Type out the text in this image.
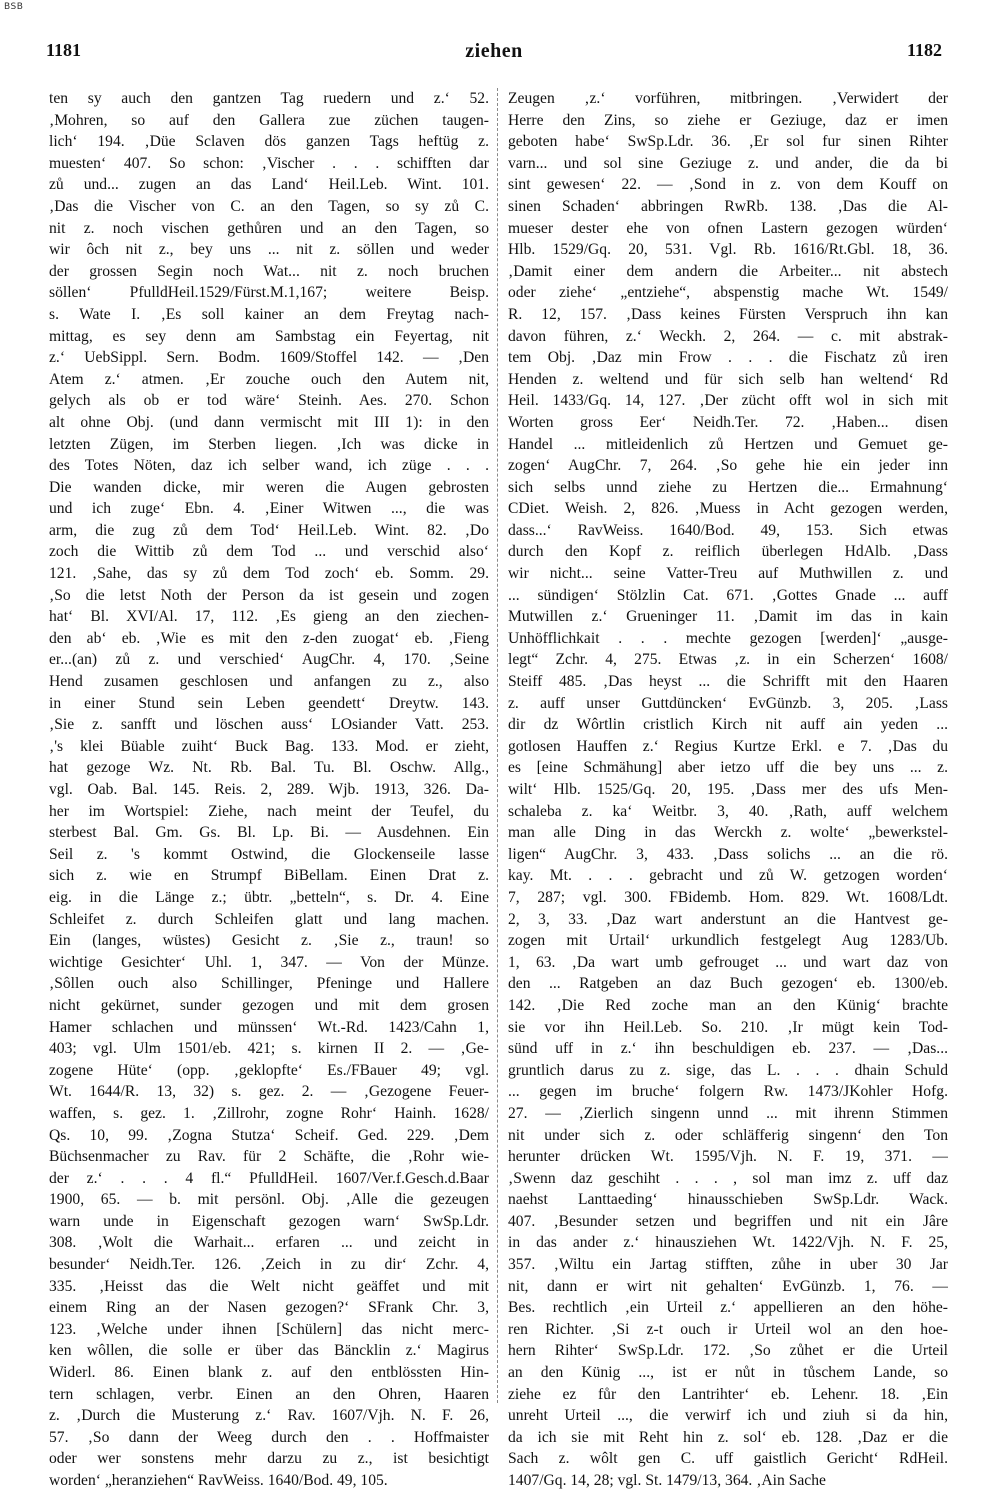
BSB
1181	ziehen	1182
ten sy auch den gantzen Tag ruedern und z.‘ 52.
‚Mohren, so auf den Gallera zue züchen taugen-
lich‘ 194. ‚Düe Sclaven dös ganzen Tags heftüg z.
muesten‘ 407. So schon: ‚Vischer . . . schifften dar
zů und... zugen an das Land‘ Heil.Leb. Wint. 101.
‚Das die Vischer von C. an den Tagen, so sy zů C.
nit z. noch vischen gethůren und an den Tagen, so
wir ôch nit z., bey uns ... nit z. söllen und weder
der grossen Segin noch Wat... nit z. noch bruchen
söllen‘ PfulldHeil.1529/Fürst.M.1,167; weitere Beisp.
s. Wate I. ‚Es soll kainer an dem Freytag nach-
mittag, es sey denn am Sambstag ein Feyertag, nit
z.‘ UebSippl. Sern. Bodm. 1609/Stoffel 142. — ‚Den
Atem z.‘ atmen. ‚Er zouche ouch den Autem nit,
gelych als ob er tod wäre‘ Steinh. Aes. 270. Schon
alt ohne Obj. (und dann vermischt mit III 1): in den
letzten Zügen, im Sterben liegen. ‚Ich was dicke in
des Totes Nöten, daz ich selber wand, ich züge . . .
Die wanden dicke, mir weren die Augen gebrosten
und ich zuge‘ Ebn. 4. ‚Einer Witwen ..., die was
arm, die zug zů dem Tod‘ Heil.Leb. Wint. 82. ‚Do
zoch die Wittib zů dem Tod ... und verschid also‘
121. ‚Sahe, das sy zů dem Tod zoch‘ eb. Somm. 29.
‚So die letst Noth der Person da ist gesein und zogen
hat‘ Bl. XVI/Al. 17, 112. ‚Es gieng an den ziechen-
den ab‘ eb. ‚Wie es mit den z-den zuogat‘ eb. ‚Fieng
er...(an) zů z. und verschied‘ AugChr. 4, 170. ‚Seine
Hend zusamen geschlosen und anfangen zu z., also
in einer Stund sein Leben geendett‘ Dreytw. 143.
‚Sie z. sanfft und löschen auss‘ LOsiander Vatt. 253.
‚'s klei Büable zuiht‘ Buck Bag. 133. Mod. er zieht,
hat gezoge Wz. Nt. Rb. Bal. Tu. Bl. Oschw. Allg.,
vgl. Oab. Bal. 145. Reis. 2, 289. Wjb. 1913, 326. Da-
her im Wortspiel: Ziehe, nach meint der Teufel, du
sterbest Bal. Gm. Gs. Bl. Lp. Bi. — Ausdehnen. Ein
Seil z. 's kommt Ostwind, die Glockenseile lasse
sich z. wie en Strumpf BiBellam. Einen Drat z.
eig. in die Länge z.; übtr. „betteln“, s. Dr. 4. Eine
Schleifet z. durch Schleifen glatt und lang machen.
Ein (langes, wüstes) Gesicht z. ‚Sie z., traun! so
wichtige Gesichter‘ Uhl. 1, 347. — Von der Münze.
‚Sôllen ouch also Schillinger, Pfeninge und Hallere
nicht gekürnet, sunder gezogen und mit dem grosen
Hamer schlachen und münssen‘ Wt.-Rd. 1423/Cahn 1,
403; vgl. Ulm 1501/eb. 421; s. kirnen II 2. — ‚Ge-
zogene Hüte‘ (opp. ‚geklopfte‘ Es./FBauer 49; vgl.
Wt. 1644/R. 13, 32) s. gez. 2. — ‚Gezogene Feuer-
waffen, s. gez. 1. ‚Zillrohr, zogne Rohr‘ Hainh. 1628/
Qs. 10, 99. ‚Zogna Stutza‘ Scheif. Ged. 229. ‚Dem
Büchsenmacher zu Rav. für 2 Schäfte, die ‚Rohr wie-
der z.‘ . . . 4 fl.“ PfulldHeil. 1607/Ver.f.Gesch.d.Baar
1900, 65. — b. mit persönl. Obj. ‚Alle die gezeugen
warn unde in Eigenschaft gezogen warn‘ SwSp.Ldr.
308. ‚Wolt die Warhait... erfaren ... und zeicht in
besunder‘ Neidh.Ter. 126. ‚Zeich in zu dir‘ Zchr. 4,
335. ‚Heisst das die Welt nicht geäffet und mit
einem Ring an der Nasen gezogen?‘ SFrank Chr. 3,
123. ‚Welche under ihnen [Schülern] das nicht merc-
ken wôllen, die solle er über das Bäncklin z.‘ Magirus
Widerl. 86. Einen blank z. auf den entblössten Hin-
tern schlagen, verbr. Einen an den Ohren, Haaren
z. ‚Durch die Musterung z.‘ Rav. 1607/Vjh. N. F. 26,
57. ‚So dann der Weeg durch den . . Hoffmaister
oder wer sonstens mehr darzu zu z., ist besichtigt
worden‘ „heranziehen“ RavWeiss. 1640/Bod. 49, 105.
Zeugen ‚z.‘ vorführen, mitbringen. ‚Verwidert der
Herre den Zins, so ziehe er Geziuge, daz er imen
geboten habe‘ SwSp.Ldr. 36. ‚Er sol fur sinen Rihter
varn... und sol sine Geziuge z. und ander, die da bi
sint gewesen‘ 22. — ‚Sond in z. von dem Kouff on
sinen Schaden‘ abbringen RwRb. 138. ‚Das die Al-
mueser dester ehe von ofnen Lastern gezogen würden‘
Hlb. 1529/Gq. 20, 531. Vgl. Rb. 1616/Rt.Gbl. 18, 36.
‚Damit einer dem andern die Arbeiter... nit abstech
oder ziehe‘ „entziehe“, abspenstig mache Wt. 1549/
R. 12, 157. ‚Dass keines Fürsten Verspruch ihn kan
davon führen, z.‘ Weckh. 2, 264. — c. mit abstrak-
tem Obj. ‚Daz min Frow . . . die Fischatz zů iren
Henden z. weltend und für sich selb han weltend‘ Rd
Heil. 1433/Gq. 14, 127. ‚Der zücht offt wol in sich mit
Worten gross Eer‘ Neidh.Ter. 72. ‚Haben... disen
Handel ... mitleidenlich zů Hertzen und Gemuet ge-
zogen‘ AugChr. 7, 264. ‚So gehe hie ein jeder inn
sich selbs unnd ziehe zu Hertzen die... Ermahnung‘
CDiet. Weish. 2, 826. ‚Muess in Acht gezogen werden,
dass...‘ RavWeiss. 1640/Bod. 49, 153. Sich etwas
durch den Kopf z. reiflich überlegen HdAlb. ‚Dass
wir nicht... seine Vatter-Treu auf Muthwillen z. und
... sündigen‘ Stölzlin Cat. 671. ‚Gottes Gnade ... auff
Mutwillen z.‘ Grueninger 11. ‚Damit im das in kain
Unhöfflichkait . . . mechte gezogen [werden]‘ „ausge-
legt“ Zchr. 4, 275. Etwas ‚z. in ein Scherzen‘ 1608/
Steiff 485. ‚Das heyst ... die Schrifft mit den Haaren
z. auff unser Guttdüncken‘ EvGünzb. 3, 205. ‚Lass
dir dz Wôrtlin cristlich Kirch nit auff ain yeden ...
gotlosen Hauffen z.‘ Regius Kurtze Erkl. e 7. ‚Das du
es [eine Schmähung] aber ietzo uff die bey uns ... z.
wilt‘ Hlb. 1525/Gq. 20, 195. ‚Dass mer des ufs Men-
schaleba z. ka‘ Weitbr. 3, 40. ‚Rath, auff welchem
man alle Ding in das Werckh z. wolte‘ „bewerkstel-
ligen“ AugChr. 3, 433. ‚Dass solichs ... an die rö.
kay. Mt. . . . gebracht und zů W. getzogen worden‘
7, 287; vgl. 300. FBidemb. Hom. 829. Wt. 1608/Ldt.
2, 3, 33. ‚Daz wart anderstunt an die Hantvest ge-
zogen mit Urtail‘ urkundlich festgelegt Aug 1283/Ub.
1, 63. ‚Da wart umb gefrouget ... und wart daz von
den ... Ratgeben an daz Buch gezogen‘ eb. 1300/eb.
142. ‚Die Red zoche man an den Künig‘ brachte
sie vor ihn Heil.Leb. So. 210. ‚Ir mügt kein Tod-
sünd uff in z.‘ ihn beschuldigen eb. 237. — ‚Das...
gruntlich darus zu z. sige, das L. . . . dhain Schuld
... gegen im bruche‘ folgern Rw. 1473/JKohler Hofg.
27. — ‚Zierlich singenn unnd ... mit ihrenn Stimmen
nit under sich z. oder schläfferig singenn‘ den Ton
herunter drücken Wt. 1595/Vjh. N. F. 19, 371. —
‚Swenn daz geschiht . . . , sol man imz z. uff daz
naehst Lanttaeding‘ hinausschieben SwSp.Ldr. Wack.
407. ‚Besunder setzen und begriffen und nit ein Jâre
in das ander z.‘ hinausziehen Wt. 1422/Vjh. N. F. 25,
357. ‚Wiltu ein Jartag stifften, zůhe in uber 30 Jar
nit, dann er wirt nit gehalten‘ EvGünzb. 1, 76. —
Bes. rechtlich ‚ein Urteil z.‘ appellieren an den höhe-
ren Richter. ‚Si z-t ouch ir Urteil wol an den hoe-
hern Rihter‘ SwSp.Ldr. 172. ‚So zůhet er die Urteil
an den Künig ..., ist er nůt in tůschem Lande, so
ziehe ez fůr den Lantrihter‘ eb. Lehenr. 18. ‚Ein
unreht Urteil ..., die verwirf ich und ziuh si da hin,
da ich sie mit Reht hin z. sol‘ eb. 128. ‚Daz er die
Sach z. wôlt gen C. uff gaistlich Gericht‘ RdHeil.
1407/Gq. 14, 28; vgl. St. 1479/13, 364. ‚Ain Sache
